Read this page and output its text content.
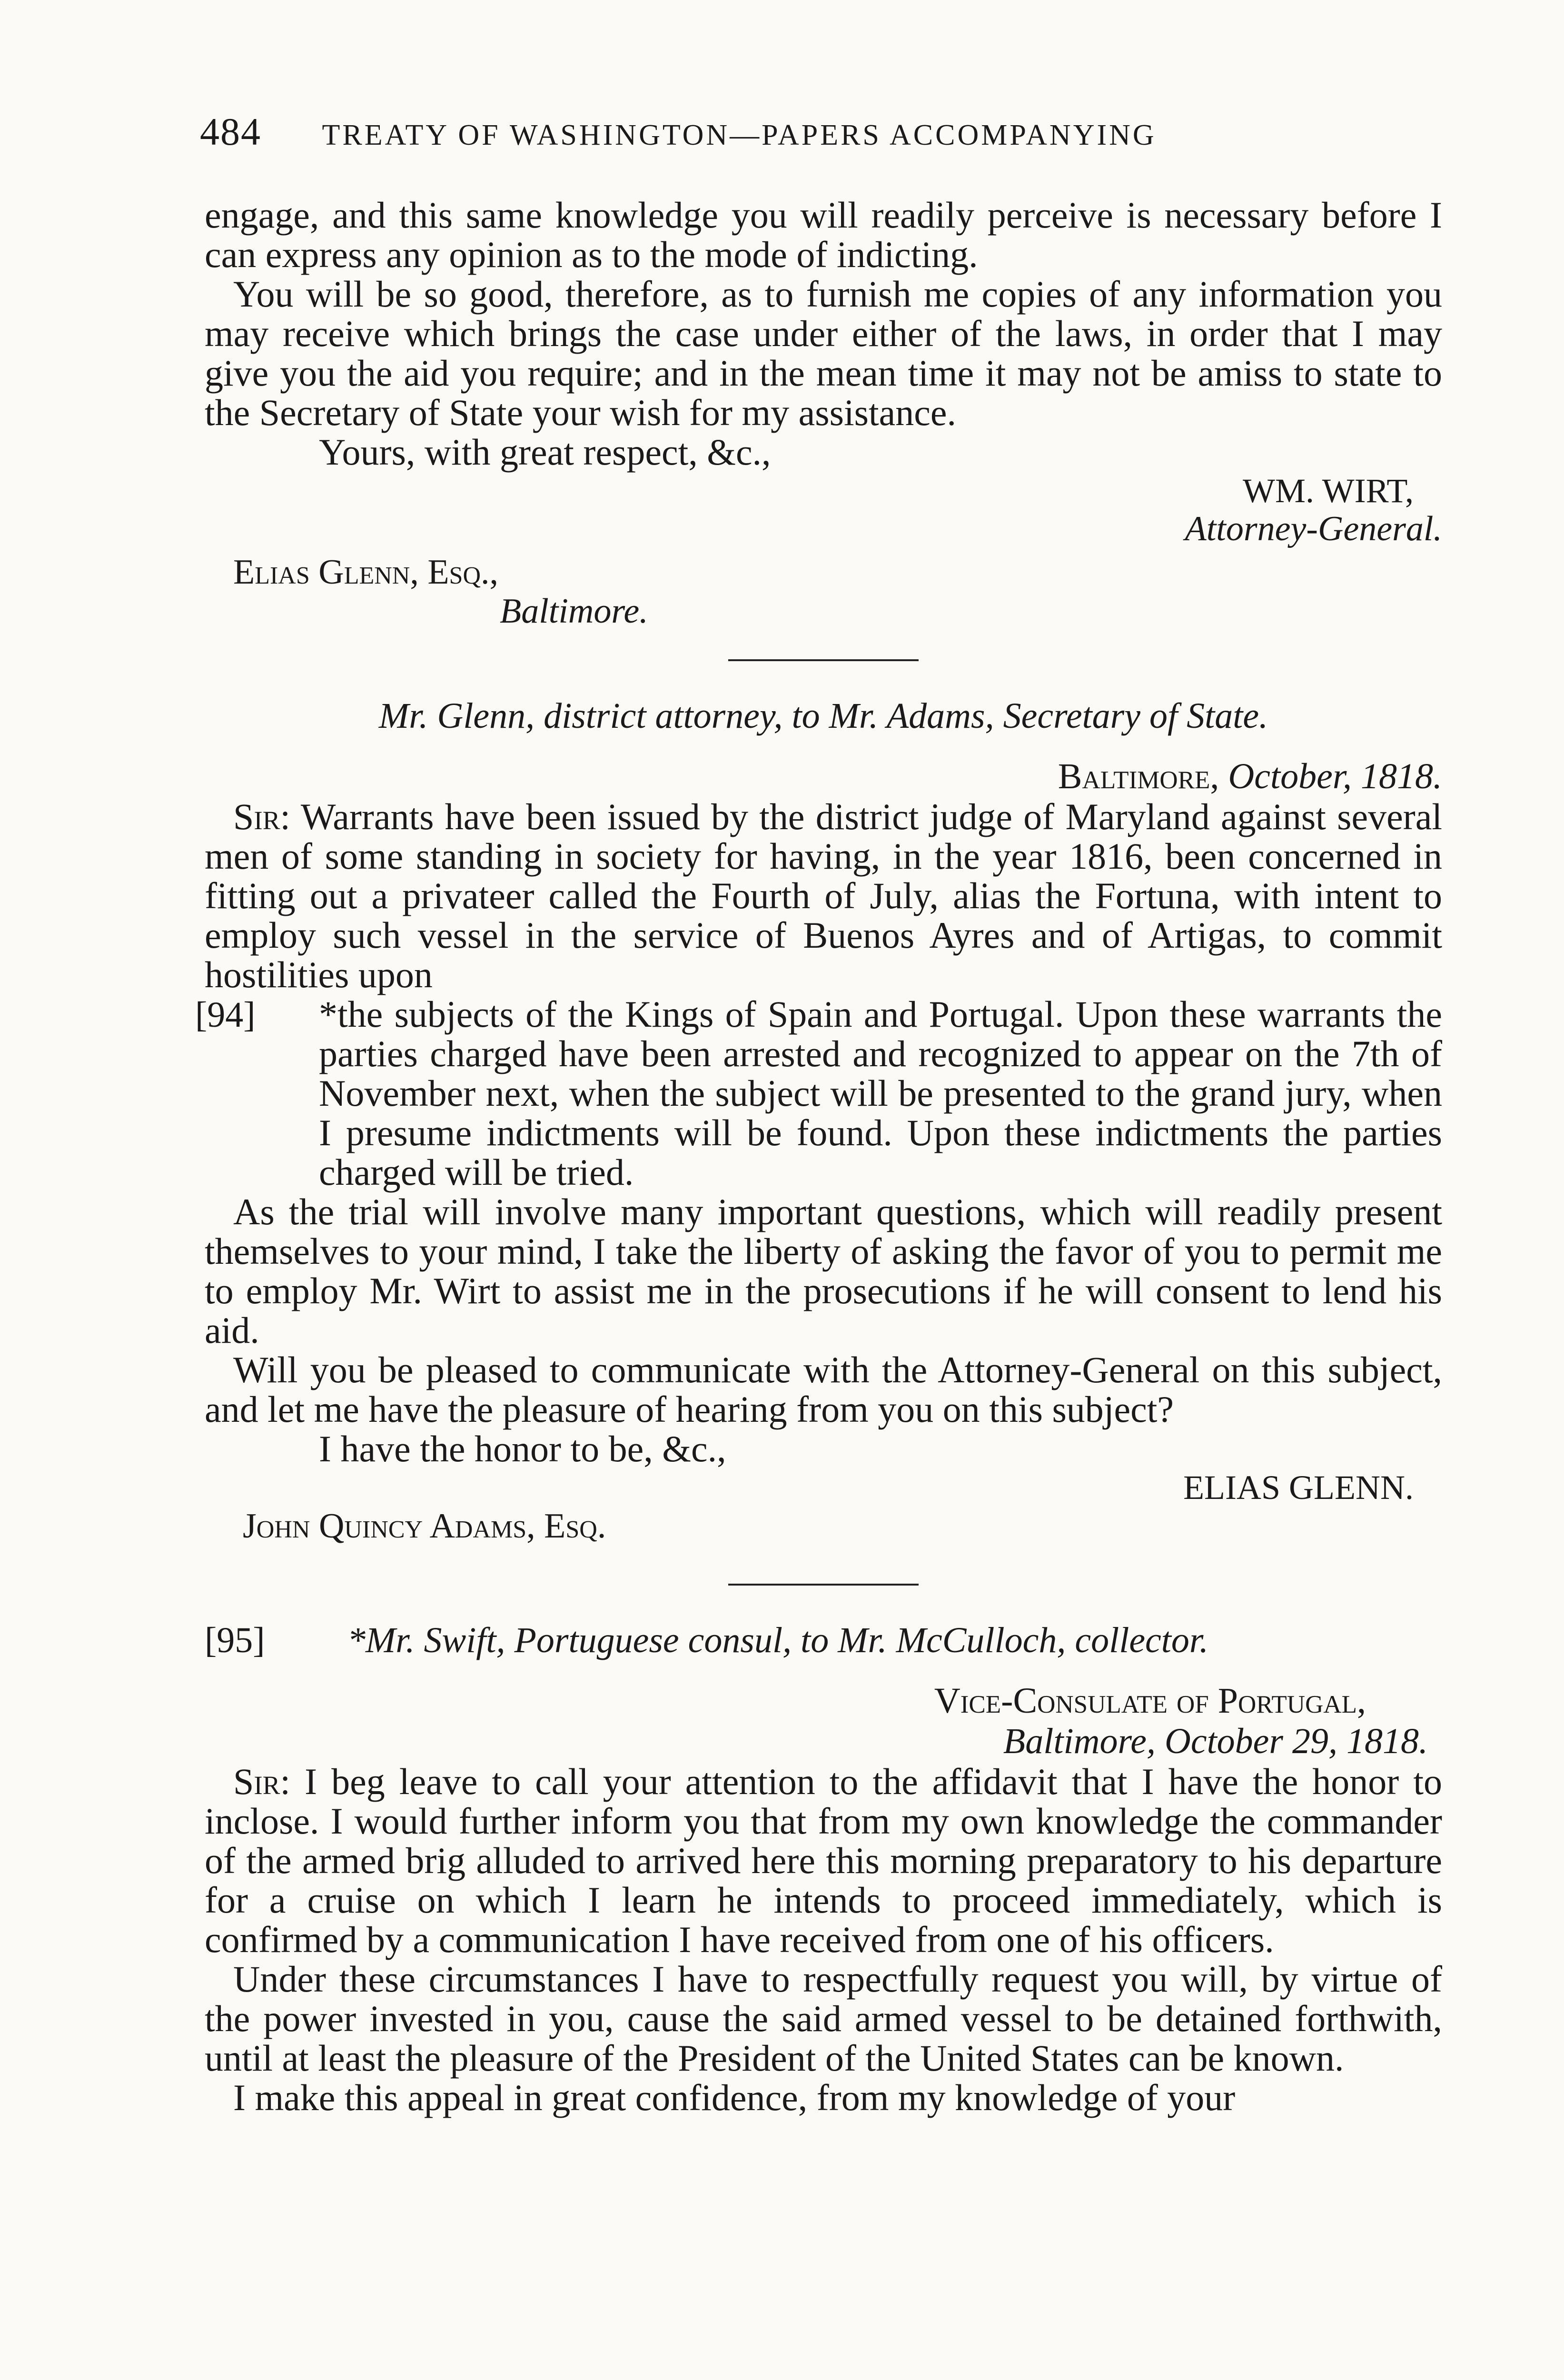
484 TREATY OF WASHINGTON—PAPERS ACCOMPANYING

engage, and this same knowledge you will readily perceive is necessary before I can express any opinion as to the mode of indicting.

You will be so good, therefore, as to furnish me copies of any information you may receive which brings the case under either of the laws, in order that I may give you the aid you require; and in the mean time it may not be amiss to state to the Secretary of State your wish for my assistance.

Yours, with great respect, &c.,

WM. WIRT,
Attorney-General.
Elias Glenn, Esq.,
Baltimore.
Mr. Glenn, district attorney, to Mr. Adams, Secretary of State.
Baltimore, October, 1818.

Sir: Warrants have been issued by the district judge of Maryland against several men of some standing in society for having, in the year 1816, been concerned in fitting out a privateer called the Fourth of July, alias the Fortuna, with intent to employ such vessel in the service of Buenos Ayres and of Artigas, to commit hostilities upon

[94]	*the subjects of the Kings of Spain and Portugal. Upon these warrants the parties charged have been arrested and recognized to appear on the 7th of November next, when the subject will be presented to the grand jury, when I presume indictments will be found. Upon these indictments the parties charged will be tried.

As the trial will involve many important questions, which will readily present themselves to your mind, I take the liberty of asking the favor of you to permit me to employ Mr. Wirt to assist me in the prosecutions if he will consent to lend his aid.

Will you be pleased to communicate with the Attorney-General on this subject, and let me have the pleasure of hearing from you on this subject?

I have the honor to be, &c.,

ELIAS GLENN.
John Quincy Adams, Esq.
[95] *Mr. Swift, Portuguese consul, to Mr. McCulloch, collector.
Vice-Consulate of Portugal,
Baltimore, October 29, 1818.

Sir: I beg leave to call your attention to the affidavit that I have the honor to inclose. I would further inform you that from my own knowledge the commander of the armed brig alluded to arrived here this morning preparatory to his departure for a cruise on which I learn he intends to proceed immediately, which is confirmed by a communication I have received from one of his officers.

Under these circumstances I have to respectfully request you will, by virtue of the power invested in you, cause the said armed vessel to be detained forthwith, until at least the pleasure of the President of the United States can be known.

I make this appeal in great confidence, from my knowledge of your
